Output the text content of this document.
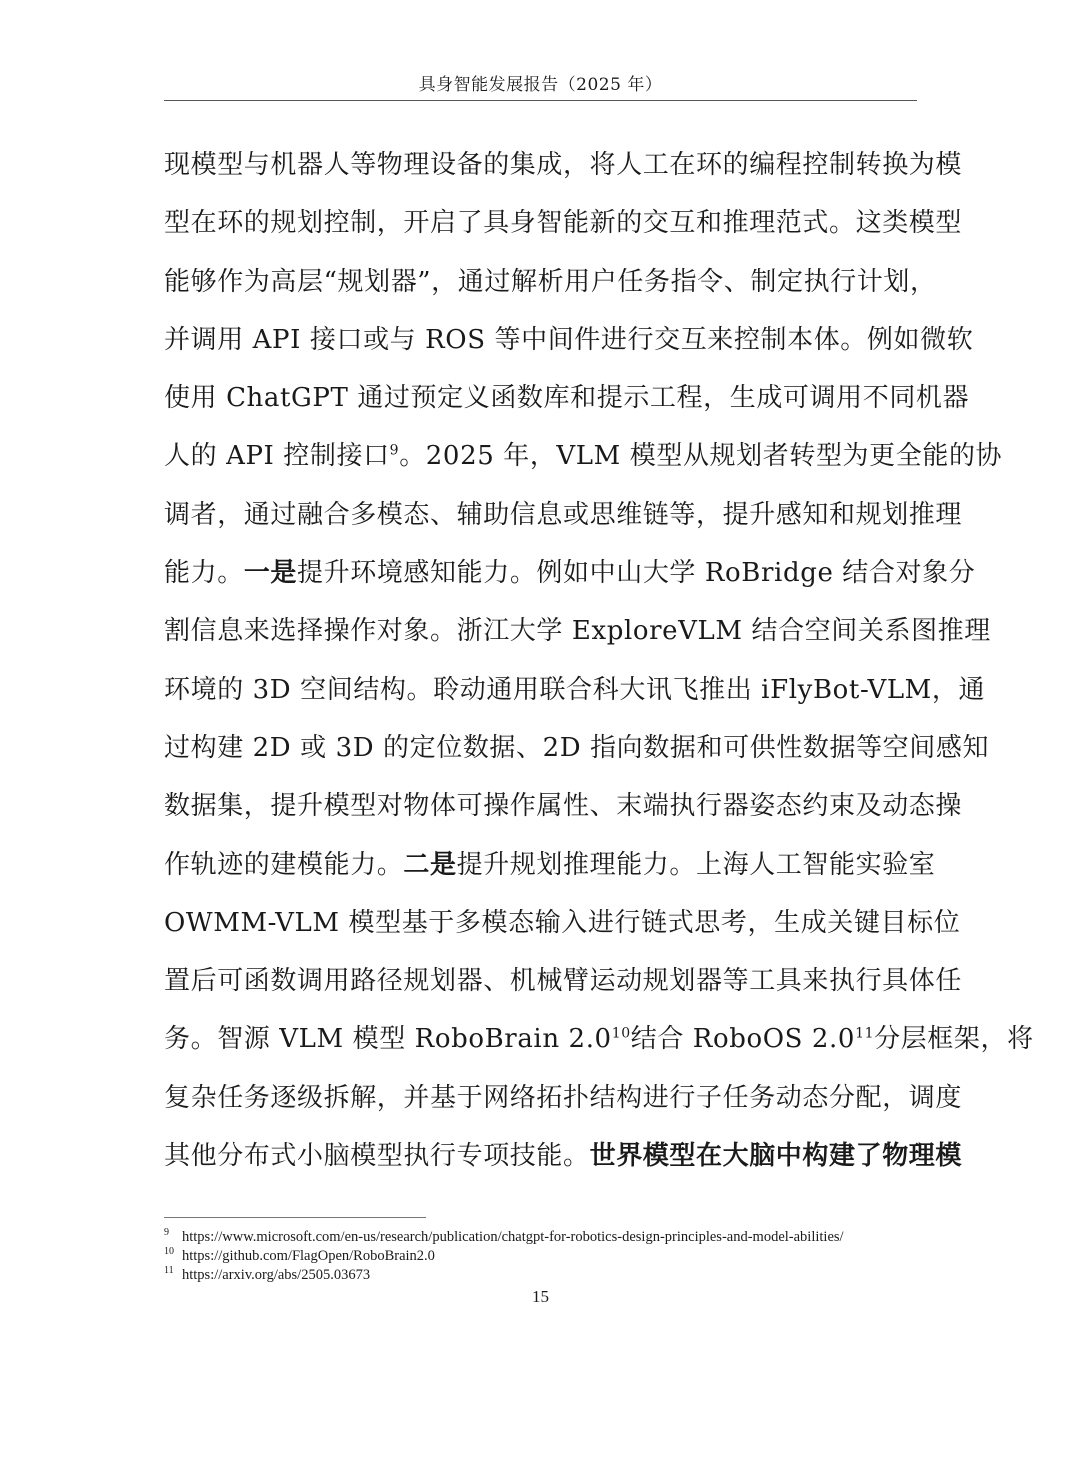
具身智能发展报告（2025 年）
现模型与机器人等物理设备的集成，将人工在环的编程控制转换为模
型在环的规划控制，开启了具身智能新的交互和推理范式。这类模型
能够作为高层“规划器”，通过解析用户任务指令、制定执行计划，
并调用 API 接口或与 ROS 等中间件进行交互来控制本体。例如微软
使用 ChatGPT 通过预定义函数库和提示工程，生成可调用不同机器
人的 API 控制接口$^9$。2025 年，VLM 模型从规划者转型为更全能的协
调者，通过融合多模态、辅助信息或思维链等，提升感知和规划推理
能力。一是提升环境感知能力。例如中山大学 RoBridge 结合对象分
割信息来选择操作对象。浙江大学 ExploreVLM 结合空间关系图推理
环境的 3D 空间结构。聆动通用联合科大讯飞推出 iFlyBot-VLM，通
过构建 2D 或 3D 的定位数据、2D 指向数据和可供性数据等空间感知
数据集，提升模型对物体可操作属性、末端执行器姿态约束及动态操
作轨迹的建模能力。二是提升规划推理能力。上海人工智能实验室
OWMM-VLM 模型基于多模态输入进行链式思考，生成关键目标位
置后可函数调用路径规划器、机械臂运动规划器等工具来执行具体任
务。智源 VLM 模型 RoboBrain $2.0^{10}$结合 RoboOS $2.0^{11}$分层框架，将
复杂任务逐级拆解，并基于网络拓扑结构进行子任务动态分配，调度
其他分布式小脑模型执行专项技能。世界模型在大脑中构建了物理模
9 https://www.microsoft.com/en-us/research/publication/chatgpt-for-robotics-design-principles-and-model-abilities/
10 https://github.com/FlagOpen/RoboBrain2.0
11 https://arxiv.org/abs/2505.03673
15
